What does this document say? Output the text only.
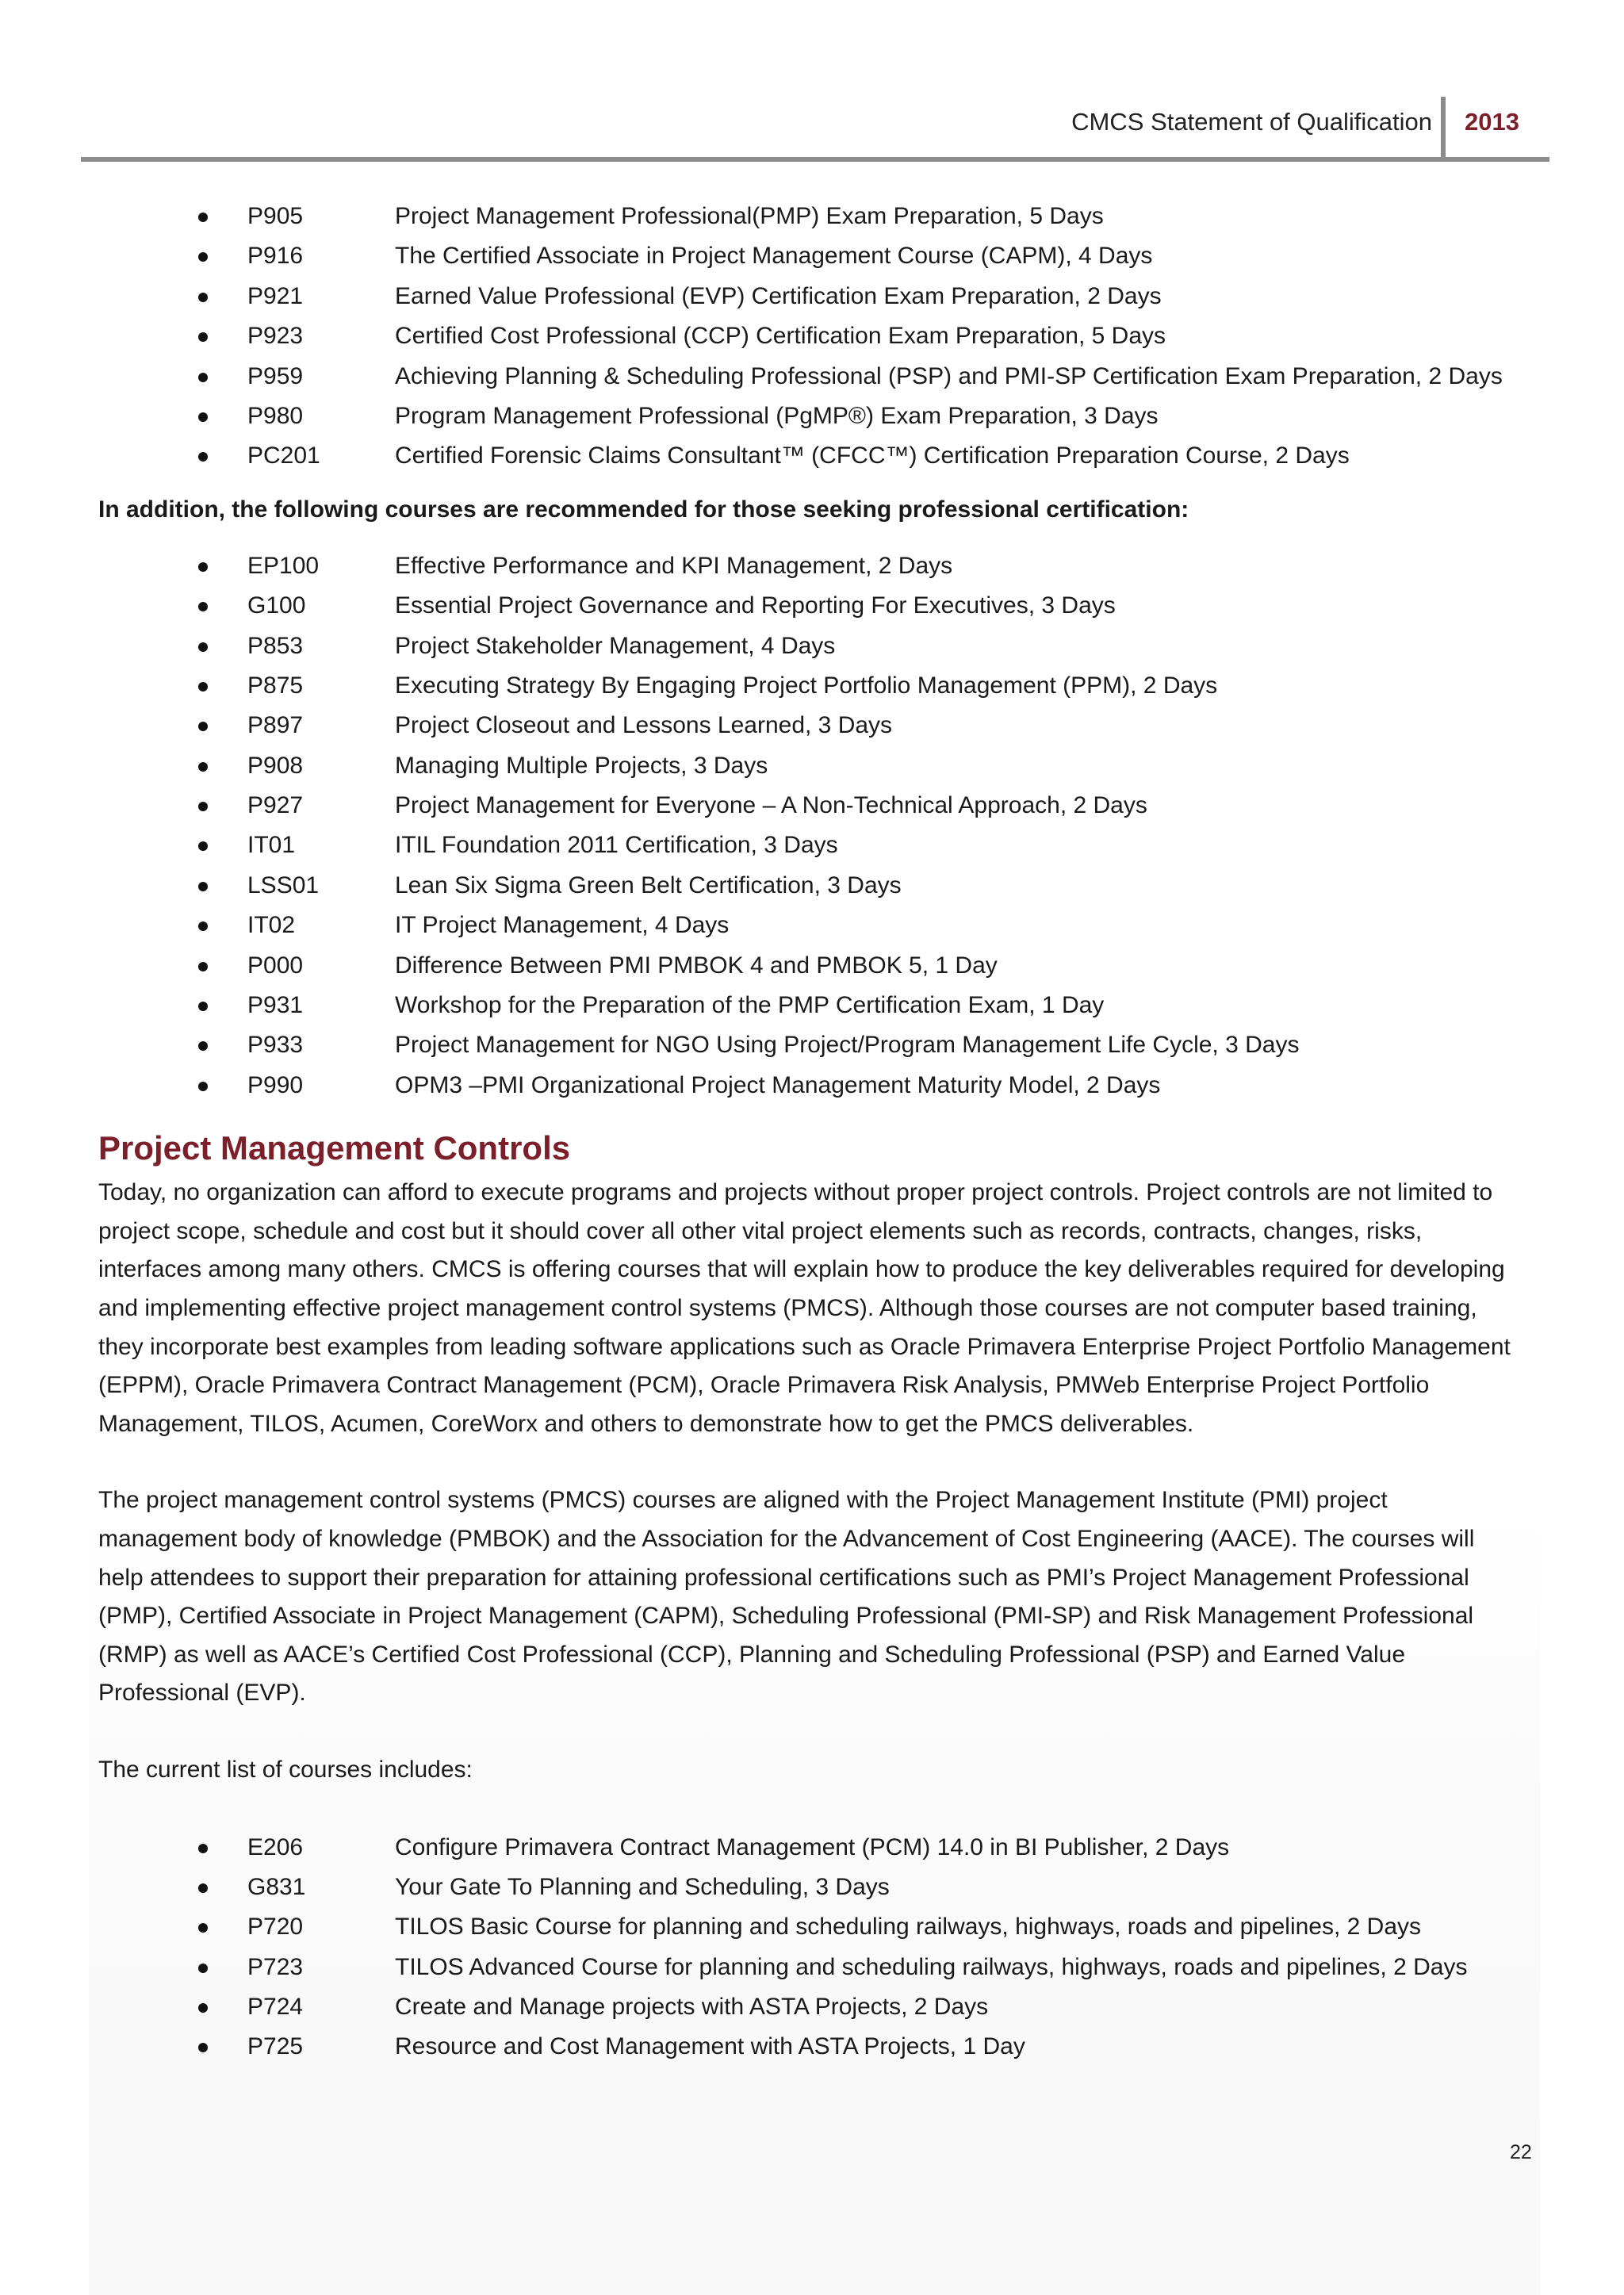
CMCS Statement of Qualification 2013
P905	Project Management Professional(PMP) Exam Preparation, 5 Days
P916	The Certified Associate in Project Management Course (CAPM), 4 Days
P921	Earned Value Professional (EVP) Certification Exam Preparation, 2 Days
P923	Certified Cost Professional (CCP) Certification Exam Preparation, 5 Days
P959	Achieving Planning & Scheduling Professional (PSP) and PMI-SP Certification Exam Preparation, 2 Days
P980	Program Management Professional (PgMP®) Exam Preparation, 3 Days
PC201	Certified Forensic Claims Consultant™ (CFCC™) Certification Preparation Course, 2 Days

In addition, the following courses are recommended for those seeking professional certification:

EP100	Effective Performance and KPI Management, 2 Days
G100	Essential Project Governance and Reporting For Executives, 3 Days
P853	Project Stakeholder Management, 4 Days
P875	Executing Strategy By Engaging Project Portfolio Management (PPM), 2 Days
P897	Project Closeout and Lessons Learned, 3 Days
P908	Managing Multiple Projects, 3 Days
P927	Project Management for Everyone – A Non-Technical Approach, 2 Days
IT01	ITIL Foundation 2011 Certification, 3 Days
LSS01	Lean Six Sigma Green Belt Certification, 3 Days
IT02	IT Project Management, 4 Days
P000	Difference Between PMI PMBOK 4 and PMBOK 5, 1 Day
P931	Workshop for the Preparation of the PMP Certification Exam, 1 Day
P933	Project Management for NGO Using Project/Program Management Life Cycle, 3 Days
P990	OPM3 –PMI Organizational Project Management Maturity Model, 2 Days
Project Management Controls

Today, no organization can afford to execute programs and projects without proper project controls. Project controls are not limited to project scope, schedule and cost but it should cover all other vital project elements such as records, contracts, changes, risks, interfaces among many others. CMCS is offering courses that will explain how to produce the key deliverables required for developing and implementing effective project management control systems (PMCS). Although those courses are not computer based training, they incorporate best examples from leading software applications such as Oracle Primavera Enterprise Project Portfolio Management (EPPM), Oracle Primavera Contract Management (PCM), Oracle Primavera Risk Analysis, PMWeb Enterprise Project Portfolio Management, TILOS, Acumen, CoreWorx and others to demonstrate how to get the PMCS deliverables.

The project management control systems (PMCS) courses are aligned with the Project Management Institute (PMI) project management body of knowledge (PMBOK) and the Association for the Advancement of Cost Engineering (AACE). The courses will help attendees to support their preparation for attaining professional certifications such as PMI’s Project Management Professional (PMP), Certified Associate in Project Management (CAPM), Scheduling Professional (PMI-SP) and Risk Management Professional (RMP) as well as AACE’s Certified Cost Professional (CCP), Planning and Scheduling Professional (PSP) and Earned Value Professional (EVP).

The current list of courses includes:

E206	Configure Primavera Contract Management (PCM) 14.0 in BI Publisher, 2 Days
G831	Your Gate To Planning and Scheduling, 3 Days
P720	TILOS Basic Course for planning and scheduling railways, highways, roads and pipelines, 2 Days
P723	TILOS Advanced Course for planning and scheduling railways, highways, roads and pipelines, 2 Days
P724	Create and Manage projects with ASTA Projects, 2 Days
P725	Resource and Cost Management with ASTA Projects, 1 Day
22
